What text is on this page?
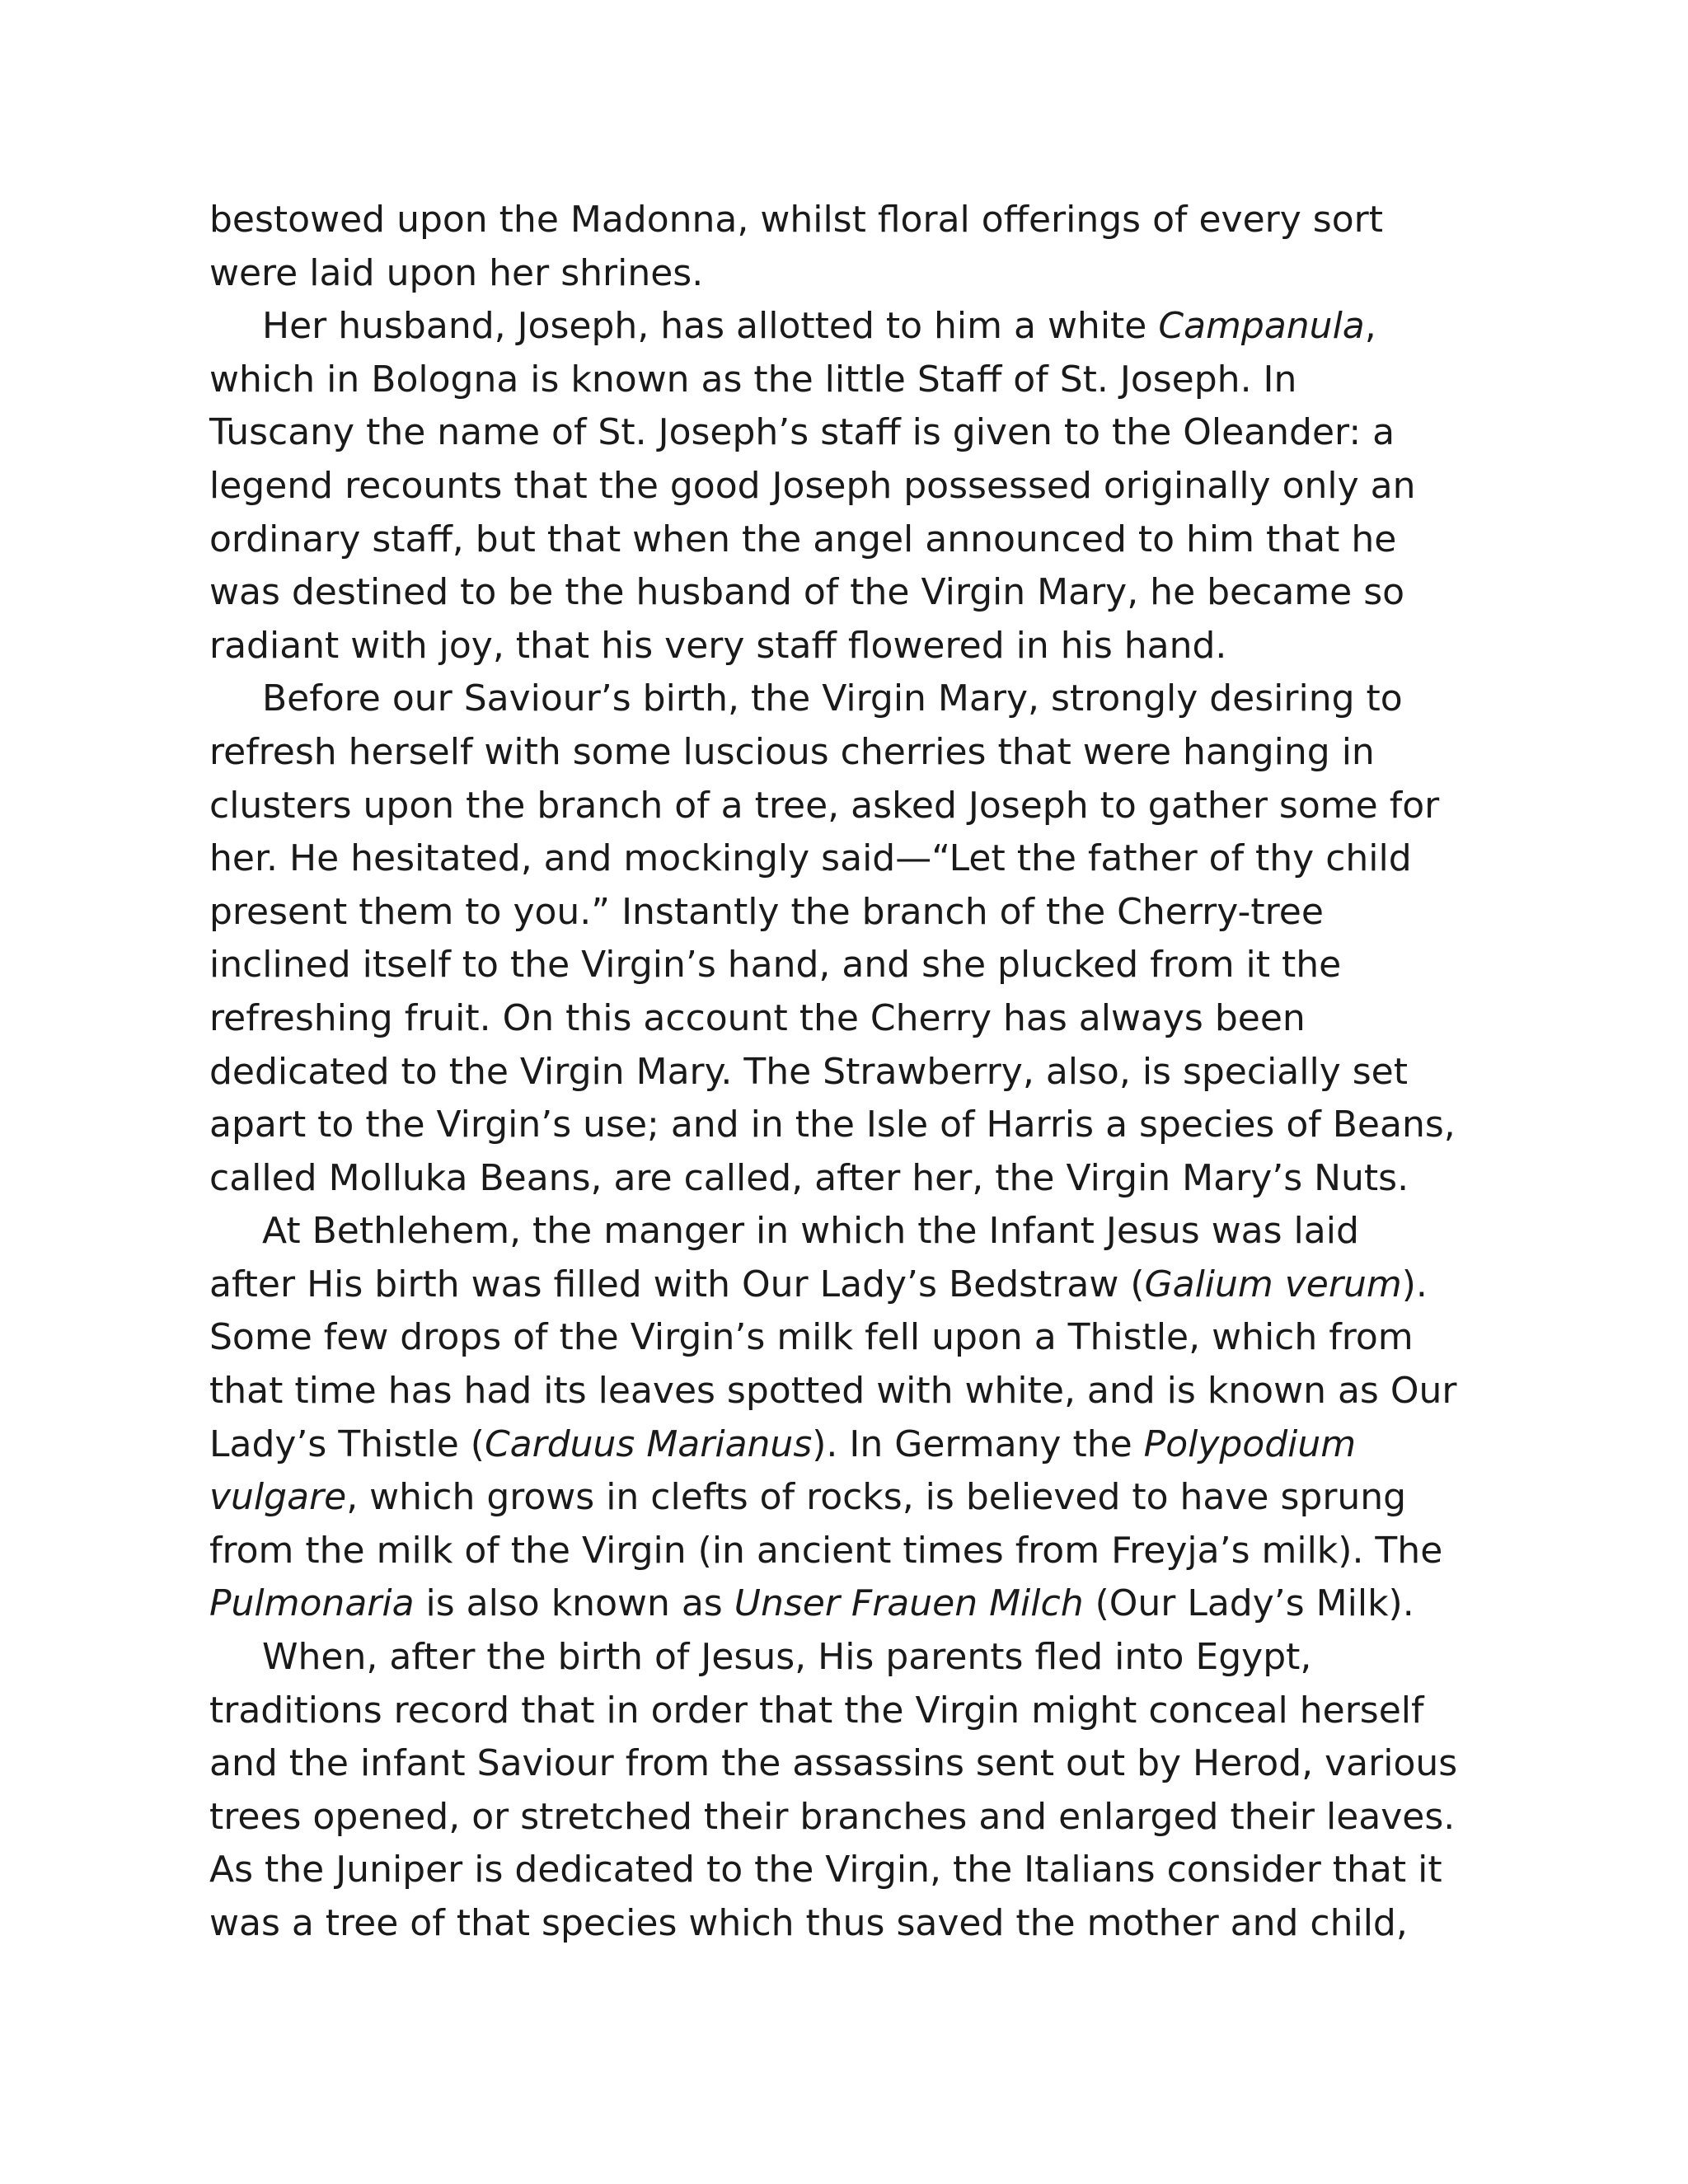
bestowed upon the Madonna, whilst floral offerings of every sort
were laid upon her shrines.
Her husband, Joseph, has allotted to him a white Campanula,
which in Bologna is known as the little Staff of St. Joseph. In
Tuscany the name of St. Joseph’s staff is given to the Oleander: a
legend recounts that the good Joseph possessed originally only an
ordinary staff, but that when the angel announced to him that he
was destined to be the husband of the Virgin Mary, he became so
radiant with joy, that his very staff flowered in his hand.
Before our Saviour’s birth, the Virgin Mary, strongly desiring to
refresh herself with some luscious cherries that were hanging in
clusters upon the branch of a tree, asked Joseph to gather some for
her. He hesitated, and mockingly said—“Let the father of thy child
present them to you.” Instantly the branch of the Cherry-tree
inclined itself to the Virgin’s hand, and she plucked from it the
refreshing fruit. On this account the Cherry has always been
dedicated to the Virgin Mary. The Strawberry, also, is specially set
apart to the Virgin’s use; and in the Isle of Harris a species of Beans,
called Molluka Beans, are called, after her, the Virgin Mary’s Nuts.
At Bethlehem, the manger in which the Infant Jesus was laid
after His birth was filled with Our Lady’s Bedstraw (Galium verum).
Some few drops of the Virgin’s milk fell upon a Thistle, which from
that time has had its leaves spotted with white, and is known as Our
Lady’s Thistle (Carduus Marianus). In Germany the Polypodium
vulgare, which grows in clefts of rocks, is believed to have sprung
from the milk of the Virgin (in ancient times from Freyja’s milk). The
Pulmonaria is also known as Unser Frauen Milch (Our Lady’s Milk).
When, after the birth of Jesus, His parents fled into Egypt,
traditions record that in order that the Virgin might conceal herself
and the infant Saviour from the assassins sent out by Herod, various
trees opened, or stretched their branches and enlarged their leaves.
As the Juniper is dedicated to the Virgin, the Italians consider that it
was a tree of that species which thus saved the mother and child,
